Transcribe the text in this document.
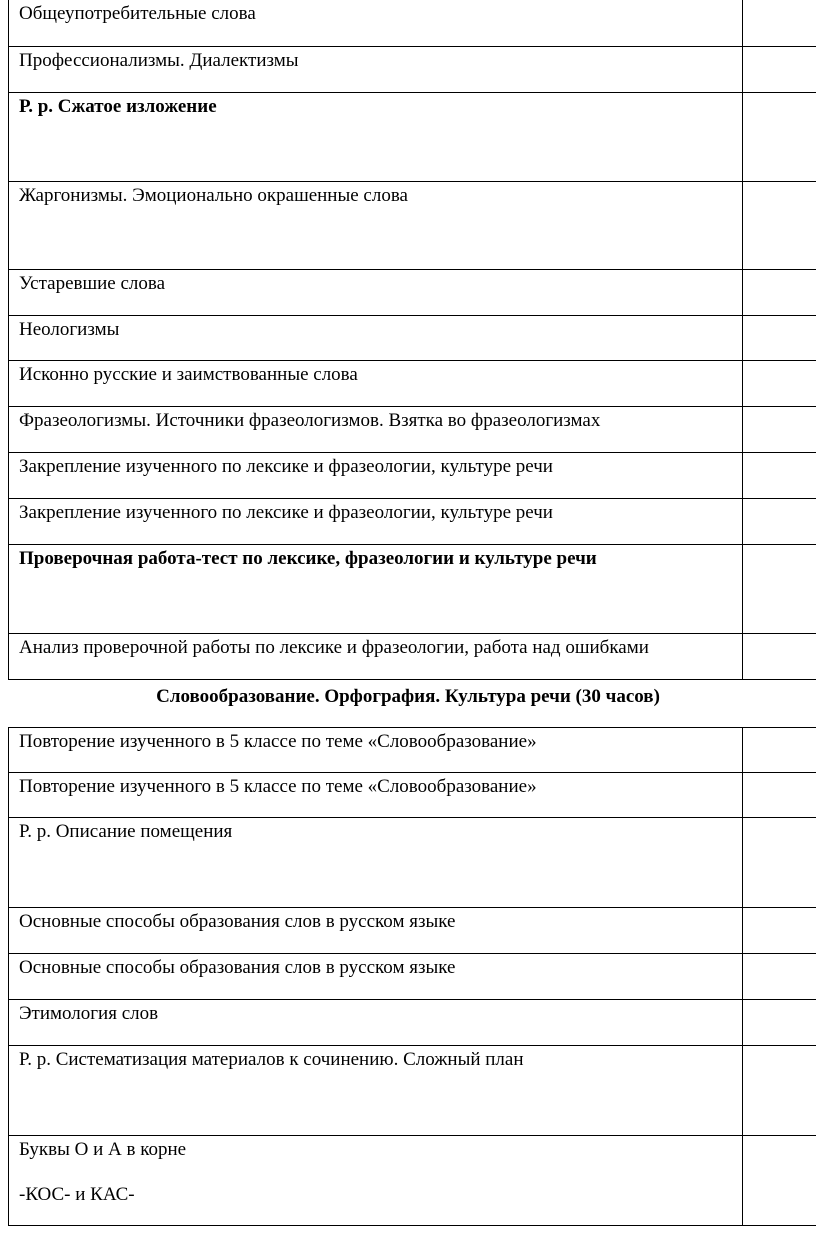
Общеупотребительные слова	
Профессионализмы. Диалектизмы	
Р. р. Сжатое изложение	
Жаргонизмы. Эмоционально окрашенные слова	
Устаревшие слова	
Неологизмы	
Исконно русские и заимствованные слова	
Фразеологизмы. Источники фразеологизмов. Взятка во фразеологизмах	
Закрепление изученного по лексике и фразеологии, культуре речи	
Закрепление изученного по лексике и фразеологии, культуре речи	
Проверочная работа-тест по лексике, фразеологии и культуре речи	
Анализ проверочной работы по лексике и фразеологии, работа над ошибками	
Словообразование. Орфография. Культура речи (30 часов)
Повторение изученного в 5 классе по теме «Словообразование»	
Повторение изученного в 5 классе по теме «Словообразование»	
Р. р. Описание помещения	
Основные способы образования слов в русском языке	
Основные способы образования слов в русском языке	
Этимология слов	
Р. р. Систематизация материалов к сочинению. Сложный план	

Буквы О и А в корне
-КОС- и КАС-	
